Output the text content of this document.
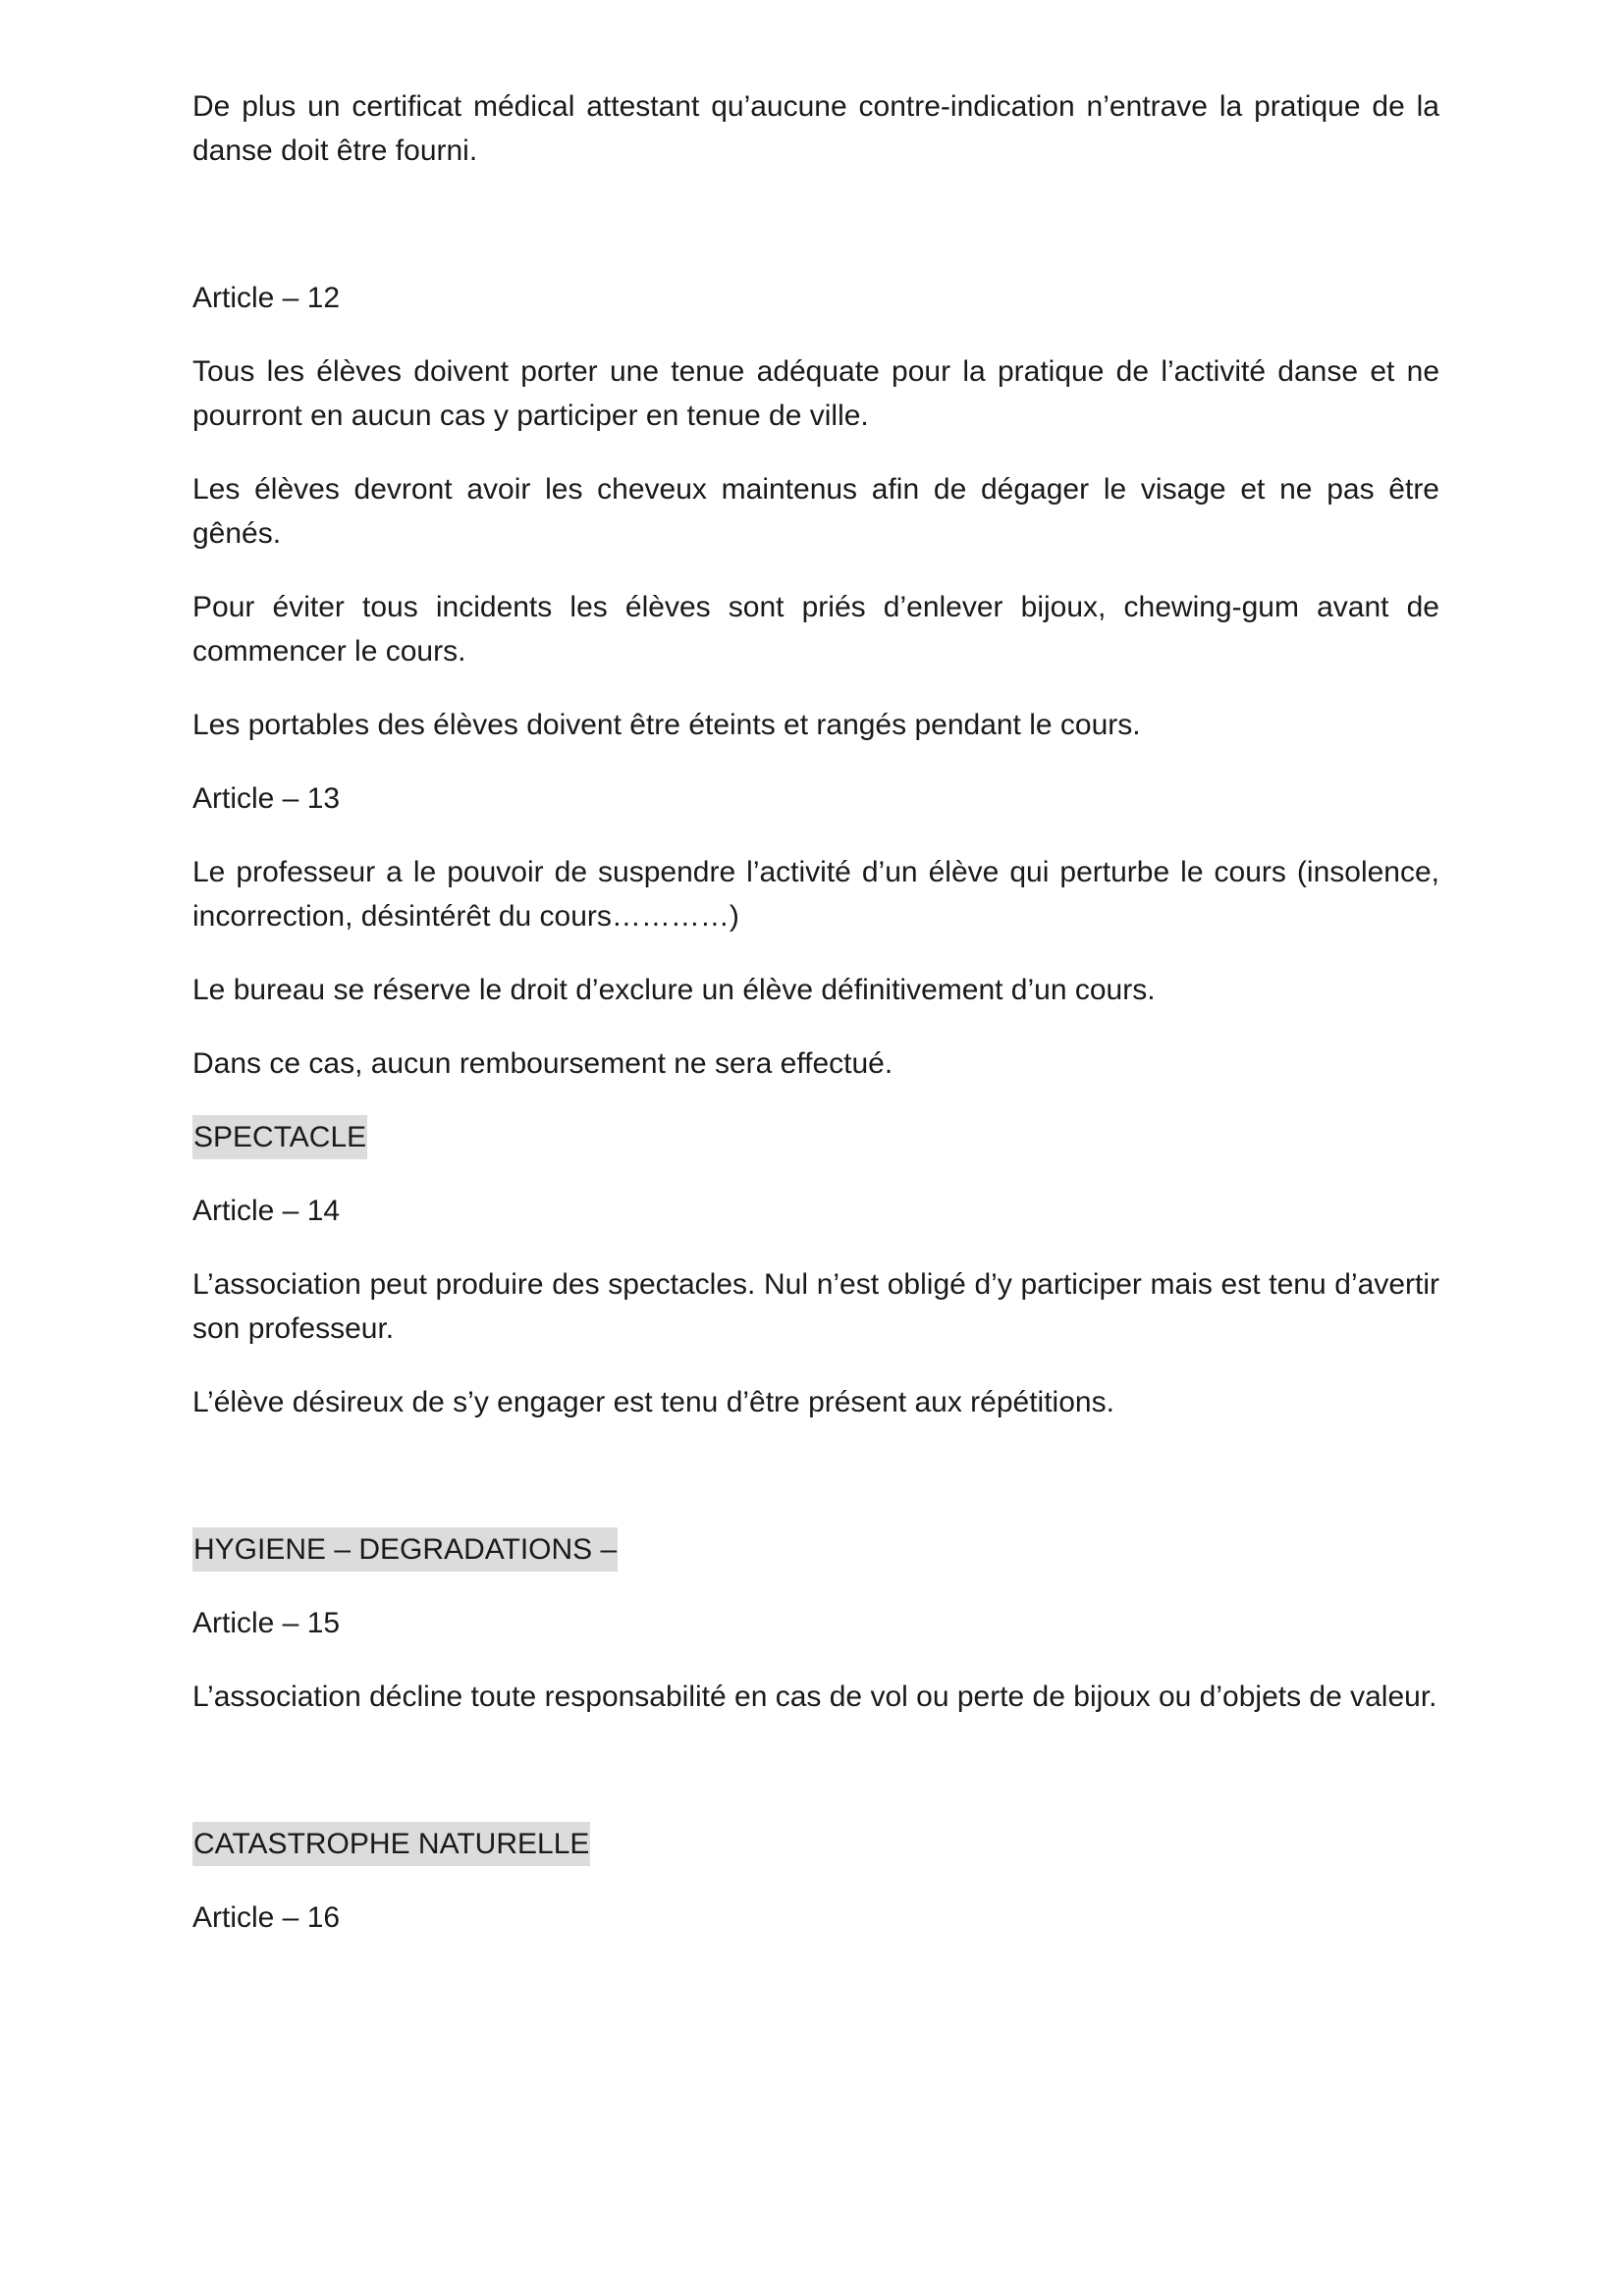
De plus un certificat médical attestant qu’aucune contre-indication n’entrave la pratique de la danse doit être fourni.

Article – 12

Tous les élèves doivent porter une tenue adéquate pour la pratique de l’activité danse et ne pourront en aucun cas y participer en tenue de ville.

Les élèves devront avoir les cheveux maintenus afin de dégager le visage et ne pas être gênés.

Pour éviter tous incidents les élèves sont priés d’enlever bijoux, chewing-gum avant de commencer le cours.

Les portables des élèves doivent être éteints et rangés pendant le cours.

Article – 13

Le professeur a le pouvoir de suspendre l’activité d’un élève qui perturbe le cours (insolence, incorrection, désintérêt du cours…………)

Le bureau se réserve le droit d’exclure un élève définitivement d’un cours.

Dans ce cas, aucun remboursement ne sera effectué.

SPECTACLE

Article – 14

L’association peut produire des spectacles. Nul n’est obligé d’y participer mais est tenu d’avertir son professeur.

L’élève désireux de s’y engager est tenu d’être présent aux répétitions.

HYGIENE – DEGRADATIONS –

Article – 15

L’association décline toute responsabilité en cas de vol ou perte de bijoux ou d’objets de valeur.

CATASTROPHE NATURELLE

Article – 16
